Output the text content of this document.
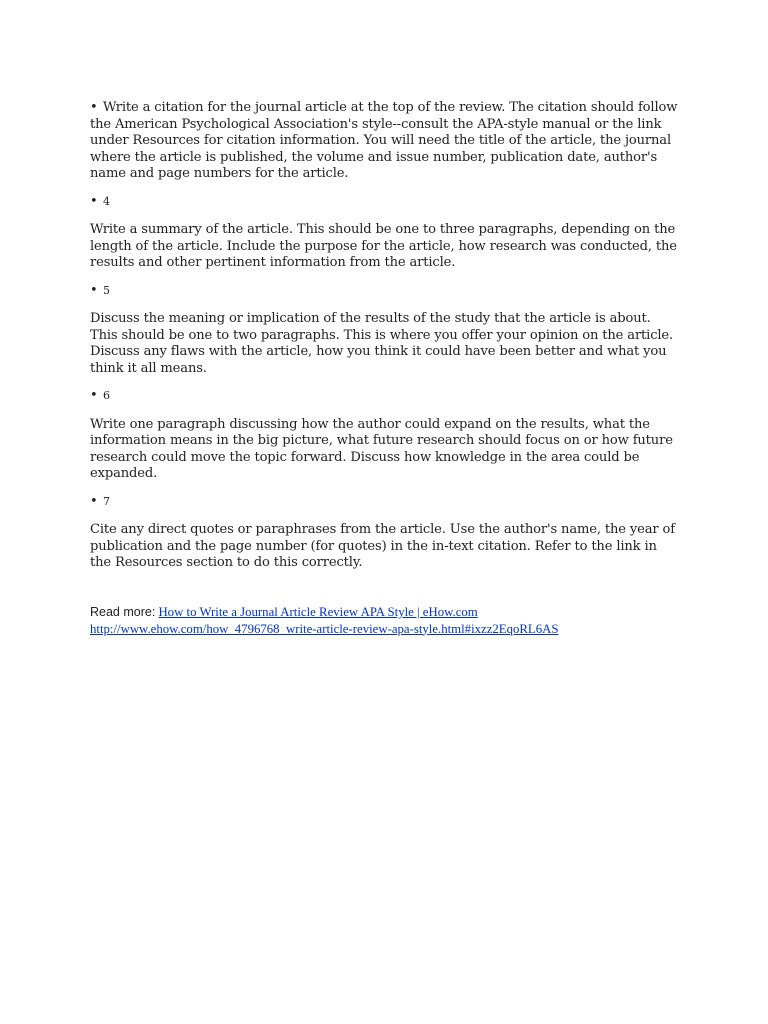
• Write a citation for the journal article at the top of the review. The citation should follow the American Psychological Association's style--consult the APA-style manual or the link under Resources for citation information. You will need the title of the article, the journal where the article is published, the volume and issue number, publication date, author's name and page numbers for the article.

• 4

Write a summary of the article. This should be one to three paragraphs, depending on the length of the article. Include the purpose for the article, how research was conducted, the results and other pertinent information from the article.

• 5

Discuss the meaning or implication of the results of the study that the article is about. This should be one to two paragraphs. This is where you offer your opinion on the article. Discuss any flaws with the article, how you think it could have been better and what you think it all means.

• 6

Write one paragraph discussing how the author could expand on the results, what the information means in the big picture, what future research should focus on or how future research could move the topic forward. Discuss how knowledge in the area could be expanded.

• 7

Cite any direct quotes or paraphrases from the article. Use the author's name, the year of publication and the page number (for quotes) in the in-text citation. Refer to the link in the Resources section to do this correctly.

Read more: How to Write a Journal Article Review APA Style | eHow.com http://www.ehow.com/how_4796768_write-article-review-apa-style.html#ixzz2EqoRL6AS
